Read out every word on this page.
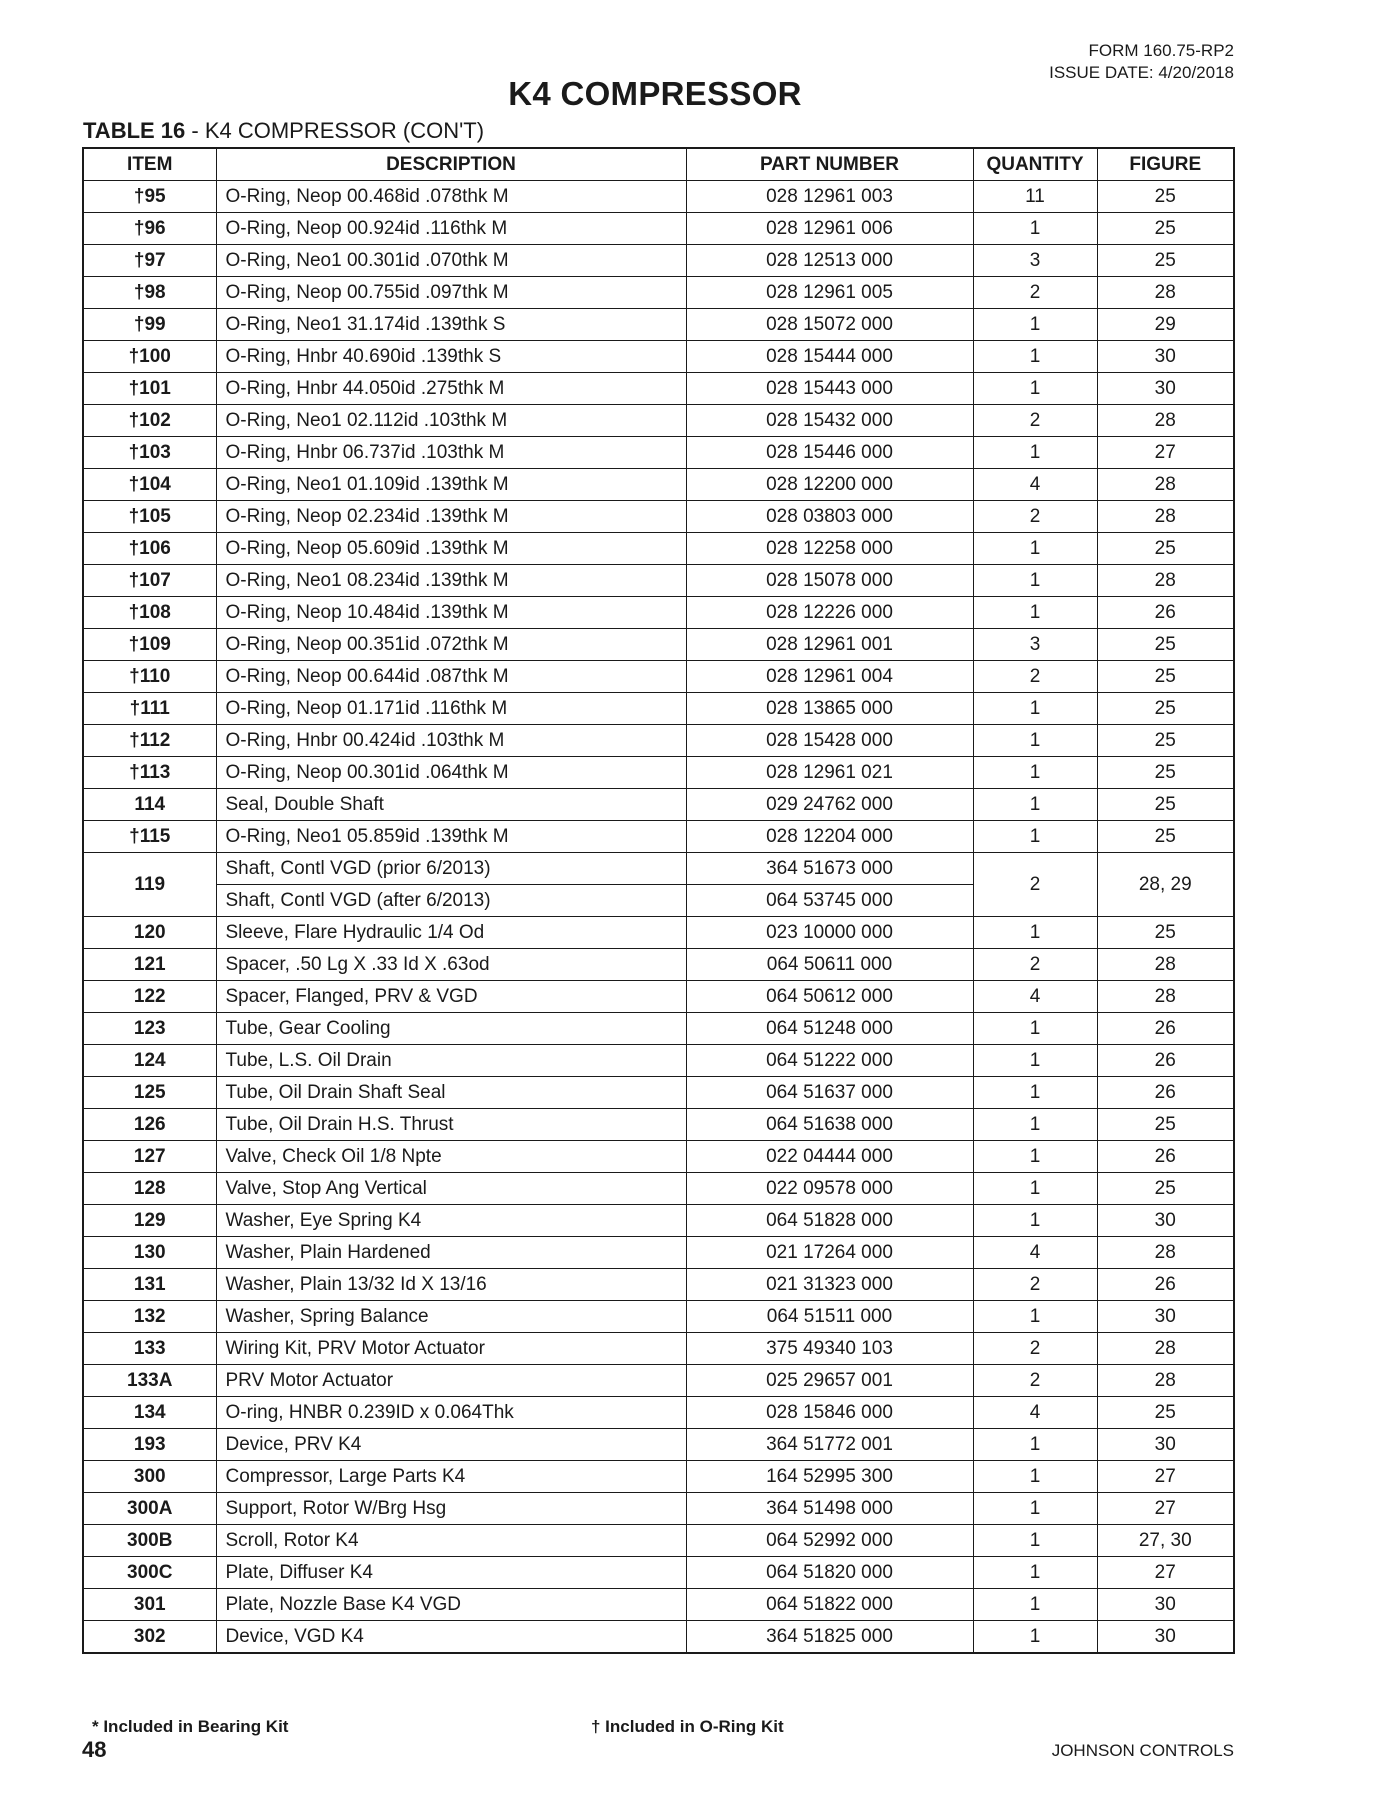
FORM 160.75-RP2
ISSUE DATE: 4/20/2018
K4 COMPRESSOR
TABLE 16 - K4 COMPRESSOR (CON'T)
ITEM	DESCRIPTION	PART NUMBER	QUANTITY	FIGURE
†95	O-Ring, Neop 00.468id .078thk M	028 12961 003	11	25
†96	O-Ring, Neop 00.924id .116thk M	028 12961 006	1	25
†97	O-Ring, Neo1 00.301id .070thk M	028 12513 000	3	25
†98	O-Ring, Neop 00.755id .097thk M	028 12961 005	2	28
†99	O-Ring, Neo1 31.174id .139thk S	028 15072 000	1	29
†100	O-Ring, Hnbr 40.690id .139thk S	028 15444 000	1	30
†101	O-Ring, Hnbr 44.050id .275thk M	028 15443 000	1	30
†102	O-Ring, Neo1 02.112id .103thk M	028 15432 000	2	28
†103	O-Ring, Hnbr 06.737id .103thk M	028 15446 000	1	27
†104	O-Ring, Neo1 01.109id .139thk M	028 12200 000	4	28
†105	O-Ring, Neop 02.234id .139thk M	028 03803 000	2	28
†106	O-Ring, Neop 05.609id .139thk M	028 12258 000	1	25
†107	O-Ring, Neo1 08.234id .139thk M	028 15078 000	1	28
†108	O-Ring, Neop 10.484id .139thk M	028 12226 000	1	26
†109	O-Ring, Neop 00.351id .072thk M	028 12961 001	3	25
†110	O-Ring, Neop 00.644id .087thk M	028 12961 004	2	25
†111	O-Ring, Neop 01.171id .116thk M	028 13865 000	1	25
†112	O-Ring, Hnbr 00.424id .103thk M	028 15428 000	1	25
†113	O-Ring, Neop 00.301id .064thk M	028 12961 021	1	25
114	Seal, Double Shaft	029 24762 000	1	25
†115	O-Ring, Neo1 05.859id .139thk M	028 12204 000	1	25
119	Shaft, Contl VGD (prior 6/2013)	364 51673 000	2	28, 29
	Shaft, Contl VGD (after 6/2013)	064 53745 000		
120	Sleeve, Flare Hydraulic 1/4 Od	023 10000 000	1	25
121	Spacer, .50 Lg X .33 Id X .63od	064 50611 000	2	28
122	Spacer, Flanged, PRV & VGD	064 50612 000	4	28
123	Tube, Gear Cooling	064 51248 000	1	26
124	Tube, L.S. Oil Drain	064 51222 000	1	26
125	Tube, Oil Drain Shaft Seal	064 51637 000	1	26
126	Tube, Oil Drain H.S. Thrust	064 51638 000	1	25
127	Valve, Check Oil 1/8 Npte	022 04444 000	1	26
128	Valve, Stop Ang Vertical	022 09578 000	1	25
129	Washer, Eye Spring K4	064 51828 000	1	30
130	Washer, Plain Hardened	021 17264 000	4	28
131	Washer, Plain 13/32 Id X 13/16	021 31323 000	2	26
132	Washer, Spring Balance	064 51511 000	1	30
133	Wiring Kit, PRV Motor Actuator	375 49340 103	2	28
133A	PRV Motor Actuator	025 29657 001	2	28
134	O-ring, HNBR 0.239ID x 0.064Thk	028 15846 000	4	25
193	Device, PRV K4	364 51772 001	1	30
300	Compressor, Large Parts K4	164 52995 300	1	27
300A	Support, Rotor W/Brg Hsg	364 51498 000	1	27
300B	Scroll, Rotor K4	064 52992 000	1	27, 30
300C	Plate, Diffuser K4	064 51820 000	1	27
301	Plate, Nozzle Base K4 VGD	064 51822 000	1	30
302	Device, VGD K4	364 51825 000	1	30
* Included in Bearing Kit	† Included in O-Ring Kit
48	JOHNSON CONTROLS
